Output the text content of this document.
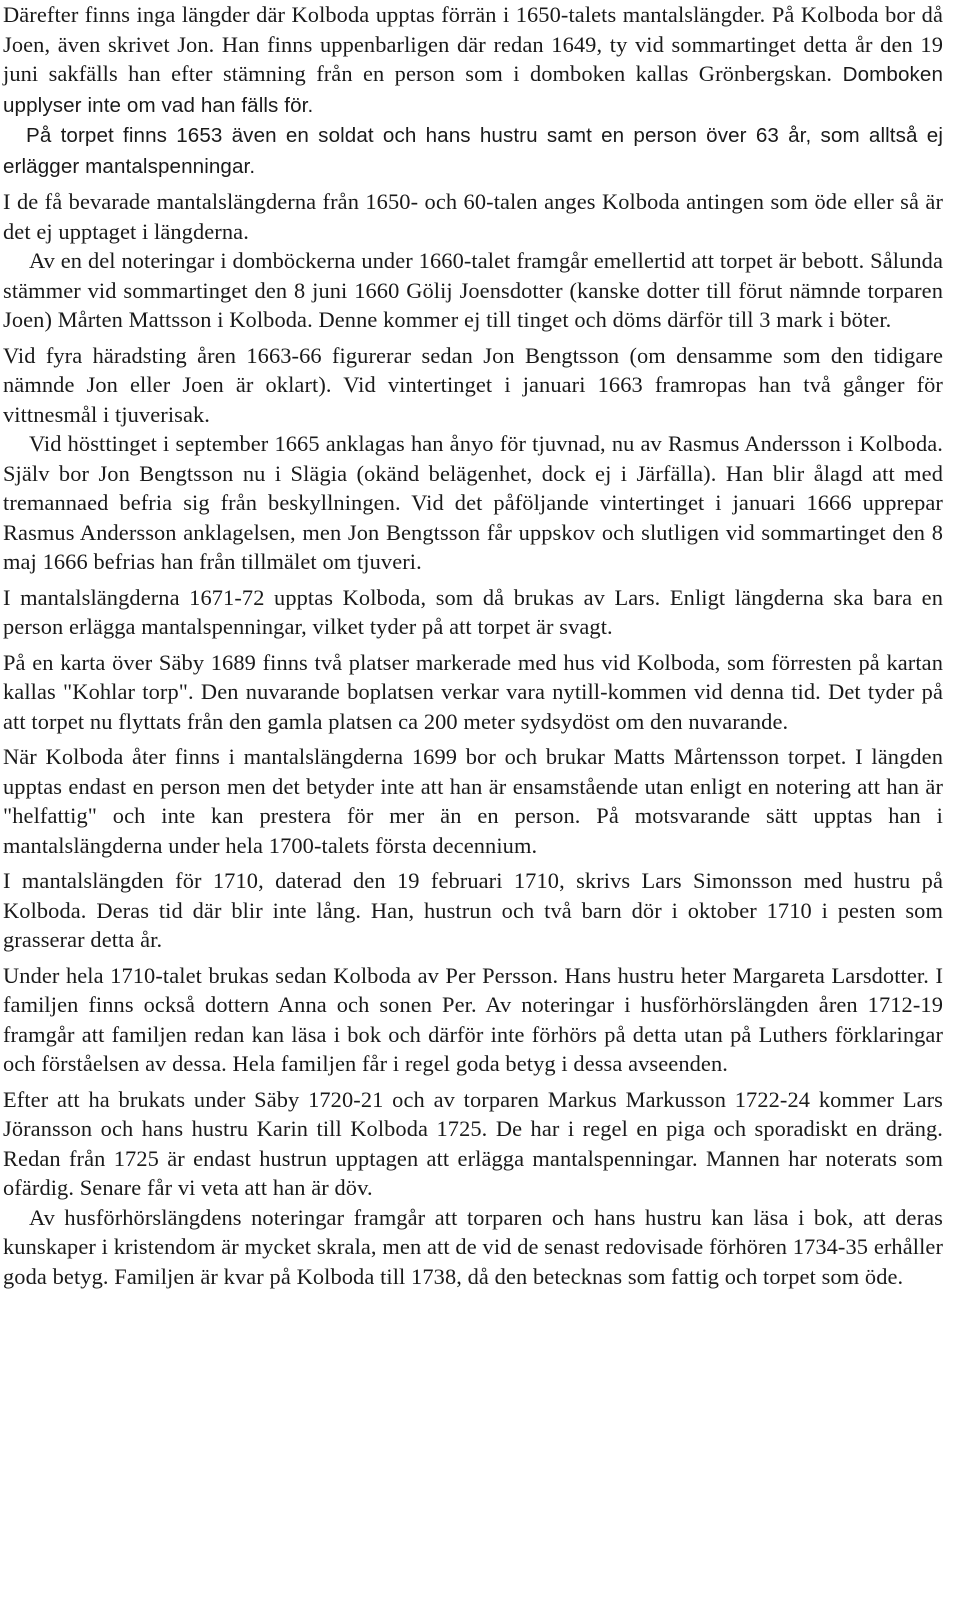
Därefter finns inga längder där Kolboda upptas förrän i 1650-talets mantalslängder. På Kolboda bor då Joen, även skrivet Jon. Han finns uppenbarligen där redan 1649, ty vid sommartinget detta år den 19 juni sakfälls han efter stämning från en person som i domboken kallas Grönbergskan. Domboken upplyser inte om vad han fälls för.

På torpet finns 1653 även en soldat och hans hustru samt en person över 63 år, som alltså ej erlägger mantalspenningar.

I de få bevarade mantalslängderna från 1650- och 60-talen anges Kolboda antingen som öde eller så är det ej upptaget i längderna.

Av en del noteringar i domböckerna under 1660-talet framgår emellertid att torpet är bebott. Sålunda stämmer vid sommartinget den 8 juni 1660 Gölij Joensdotter (kanske dotter till förut nämnde torparen Joen) Mårten Mattsson i Kolboda. Denne kommer ej till tinget och döms därför till 3 mark i böter.

Vid fyra häradsting åren 1663-66 figurerar sedan Jon Bengtsson (om densamme som den tidigare nämnde Jon eller Joen är oklart). Vid vintertinget i januari 1663 framropas han två gånger för vittnesmål i tjuverisak.

Vid hösttinget i september 1665 anklagas han ånyo för tjuvnad, nu av Rasmus Andersson i Kolboda. Själv bor Jon Bengtsson nu i Slägia (okänd belägenhet, dock ej i Järfälla). Han blir ålagd att med tremannaed befria sig från beskyllningen. Vid det påföljande vintertinget i januari 1666 upprepar Rasmus Andersson anklagelsen, men Jon Bengtsson får uppskov och slutligen vid sommartinget den 8 maj 1666 befrias han från tillmälet om tjuveri.

I mantalslängderna 1671-72 upptas Kolboda, som då brukas av Lars. Enligt längderna ska bara en person erlägga mantalspenningar, vilket tyder på att torpet är svagt.

På en karta över Säby 1689 finns två platser markerade med hus vid Kolboda, som förresten på kartan kallas "Kohlar torp". Den nuvarande boplatsen verkar vara nytill-kommen vid denna tid. Det tyder på att torpet nu flyttats från den gamla platsen ca 200 meter sydsydöst om den nuvarande.

När Kolboda åter finns i mantalslängderna 1699 bor och brukar Matts Mårtensson torpet. I längden upptas endast en person men det betyder inte att han är ensamstående utan enligt en notering att han är "helfattig" och inte kan prestera för mer än en person. På motsvarande sätt upptas han i mantalslängderna under hela 1700-talets första decennium.

I mantalslängden för 1710, daterad den 19 februari 1710, skrivs Lars Simonsson med hustru på Kolboda. Deras tid där blir inte lång. Han, hustrun och två barn dör i oktober 1710 i pesten som grasserar detta år.

Under hela 1710-talet brukas sedan Kolboda av Per Persson. Hans hustru heter Margareta Larsdotter. I familjen finns också dottern Anna och sonen Per. Av noteringar i husförhörslängden åren 1712-19 framgår att familjen redan kan läsa i bok och därför inte förhörs på detta utan på Luthers förklaringar och förståelsen av dessa. Hela familjen får i regel goda betyg i dessa avseenden.

Efter att ha brukats under Säby 1720-21 och av torparen Markus Markusson 1722-24 kommer Lars Jöransson och hans hustru Karin till Kolboda 1725. De har i regel en piga och sporadiskt en dräng. Redan från 1725 är endast hustrun upptagen att erlägga mantalspenningar. Mannen har noterats som ofärdig. Senare får vi veta att han är döv.

Av husförhörslängdens noteringar framgår att torparen och hans hustru kan läsa i bok, att deras kunskaper i kristendom är mycket skrala, men att de vid de senast redovisade förhören 1734-35 erhåller goda betyg. Familjen är kvar på Kolboda till 1738, då den betecknas som fattig och torpet som öde.
